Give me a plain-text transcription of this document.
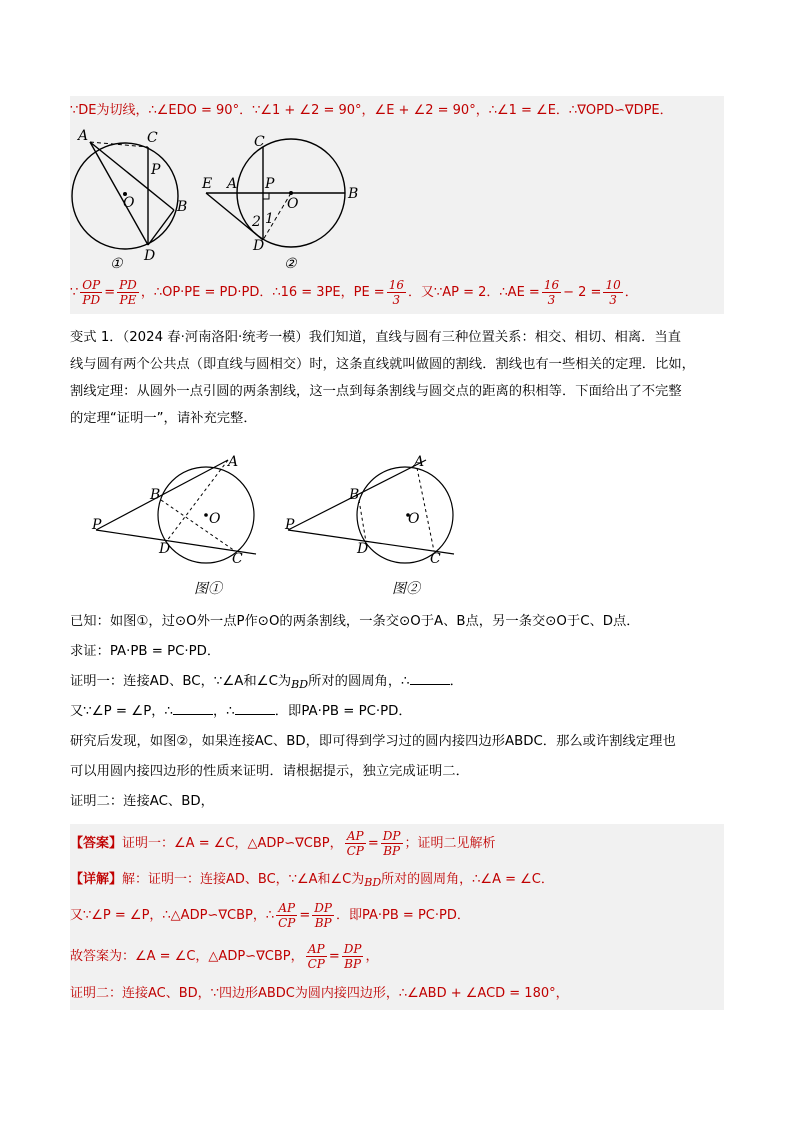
∵DE为切线，∴∠EDO = 90°．∵∠1 + ∠2 = 90°，∠E + ∠2 = 90°，∴∠1 = ∠E．∴∇OPD∽∇DPE．
A	C
P
O	B
D
①
C
E A P
O
B
1
2
D
②
∵ $\frac{OP}{PD} = \frac{PD}{PE}$ ，∴OP·PE = PD·PD．∴16 = 3PE，PE = $\frac{16}{3}$ ．又∵AP = 2．∴AE = $\frac{16}{3} - 2 = \frac{10}{3}$ ．
变式 1．（2024 春·河南洛阳·统考一模）我们知道，直线与圆有三种位置关系：相交、相切、相离．当直
线与圆有两个公共点（即直线与圆相交）时，这条直线就叫做圆的割线．割线也有一些相关的定理．比如，
割线定理：从圆外一点引圆的两条割线，这一点到每条割线与圆交点的距离的积相等．下面给出了不完整
的定理“证明一”，请补充完整．
A
B
P	O
D
C
图①
A
B
P	O
D
C
图②
已知：如图①，过⊙O外一点P作⊙O的两条割线，一条交⊙O于A、B点，另一条交⊙O于C、D点．
求证：PA·PB = PC·PD．
证明一：连接AD、BC，∵∠A和∠C为$_{BD}$所对的圆周角，∴	．
又∵∠P = ∠P，∴	，∴	．即PA·PB = PC·PD．
研究后发现，如图②，如果连接AC、BD，即可得到学习过的圆内接四边形ABDC．那么或许割线定理也
可以用圆内接四边形的性质来证明．请根据提示，独立完成证明二．
证明二：连接AC、BD，
【答案】证明一：∠A = ∠C，△ADP∽∇CBP， $\frac{AP}{CP} = \frac{DP}{BP}$ ；证明二见解析
【详解】解：证明一：连接AD、BC，∵∠A和∠C为$_{BD}$所对的圆周角，∴∠A = ∠C．
又∵∠P = ∠P，∴△ADP∽∇CBP，∴ $\frac{AP}{CP} = \frac{DP}{BP}$ ．即PA·PB = PC·PD．
故答案为：∠A = ∠C，△ADP∽∇CBP， $\frac{AP}{CP} = \frac{DP}{BP}$ ，
证明二：连接AC、BD，∵四边形ABDC为圆内接四边形，∴∠ABD + ∠ACD = 180°，
